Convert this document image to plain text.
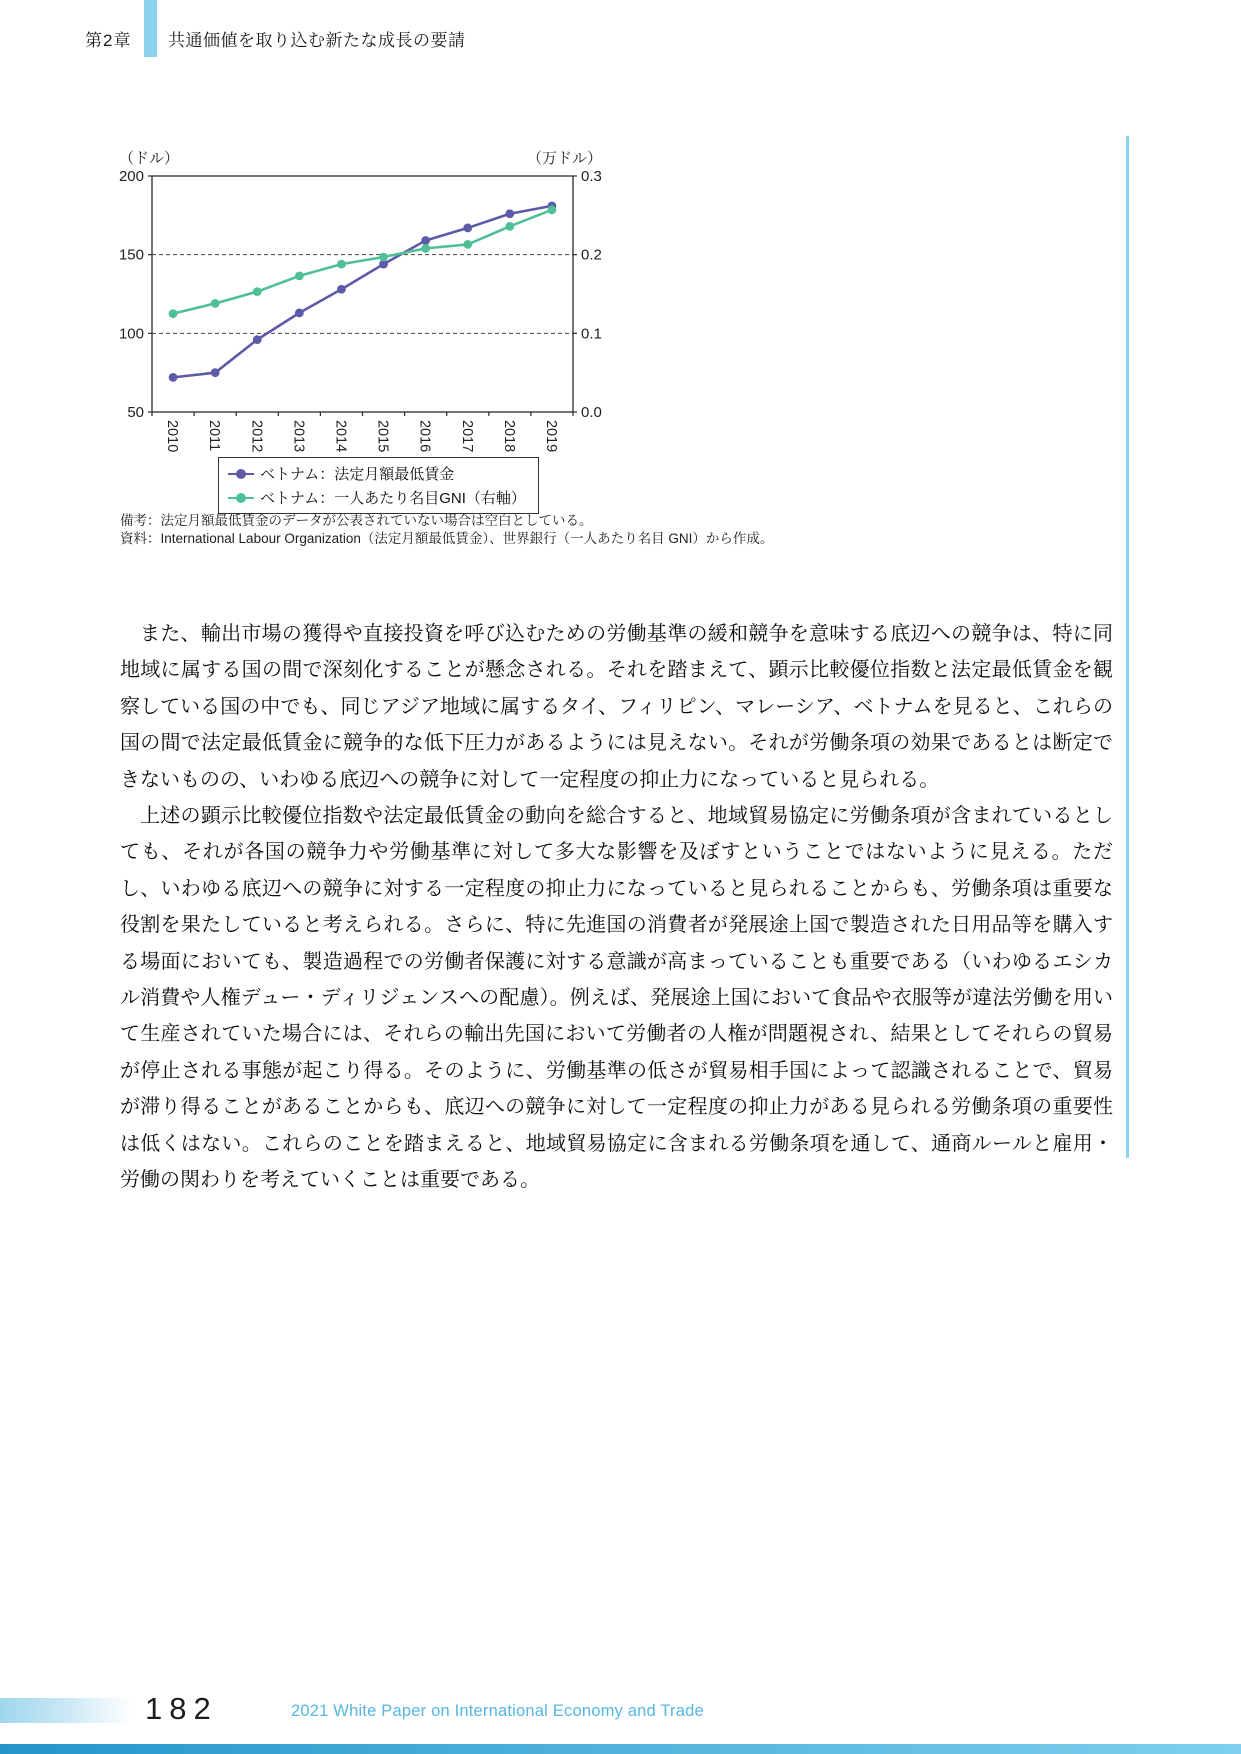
第2章 共通価値を取り込む新たな成長の要請
（ドル）	（万ドル）
50
100
150
200
0.0
0.1
0.2
0.3
2010 2011 2012 2013 2014 2015 2016 2017 2018 2019
ベトナム：法定月額最低賃金
ベトナム：一人あたり名目GNI（右軸）
備考：法定月額最低賃金のデータが公表されていない場合は空白としている。
資料：International Labour Organization（法定月額最低賃金）、世界銀行（一人あたり名目 GNI）から作成。

また、輸出市場の獲得や直接投資を呼び込むための労働基準の緩和競争を意味する底辺への競争は、特に同地域に属する国の間で深刻化することが懸念される。それを踏まえて、顕示比較優位指数と法定最低賃金を観察している国の中でも、同じアジア地域に属するタイ、フィリピン、マレーシア、ベトナムを見ると、これらの国の間で法定最低賃金に競争的な低下圧力があるようには見えない。それが労働条項の効果であるとは断定できないものの、いわゆる底辺への競争に対して一定程度の抑止力になっていると見られる。

上述の顕示比較優位指数や法定最低賃金の動向を総合すると、地域貿易協定に労働条項が含まれているとしても、それが各国の競争力や労働基準に対して多大な影響を及ぼすということではないように見える。ただし、いわゆる底辺への競争に対する一定程度の抑止力になっていると見られることからも、労働条項は重要な役割を果たしていると考えられる。さらに、特に先進国の消費者が発展途上国で製造された日用品等を購入する場面においても、製造過程での労働者保護に対する意識が高まっていることも重要である（いわゆるエシカル消費や人権デュー・ディリジェンスへの配慮）。例えば、発展途上国において食品や衣服等が違法労働を用いて生産されていた場合には、それらの輸出先国において労働者の人権が問題視され、結果としてそれらの貿易が停止される事態が起こり得る。そのように、労働基準の低さが貿易相手国によって認識されることで、貿易が滞り得ることがあることからも、底辺への競争に対して一定程度の抑止力がある見られる労働条項の重要性は低くはない。これらのことを踏まえると、地域貿易協定に含まれる労働条項を通して、通商ルールと雇用・労働の関わりを考えていくことは重要である。

182	2021 White Paper on International Economy and Trade
